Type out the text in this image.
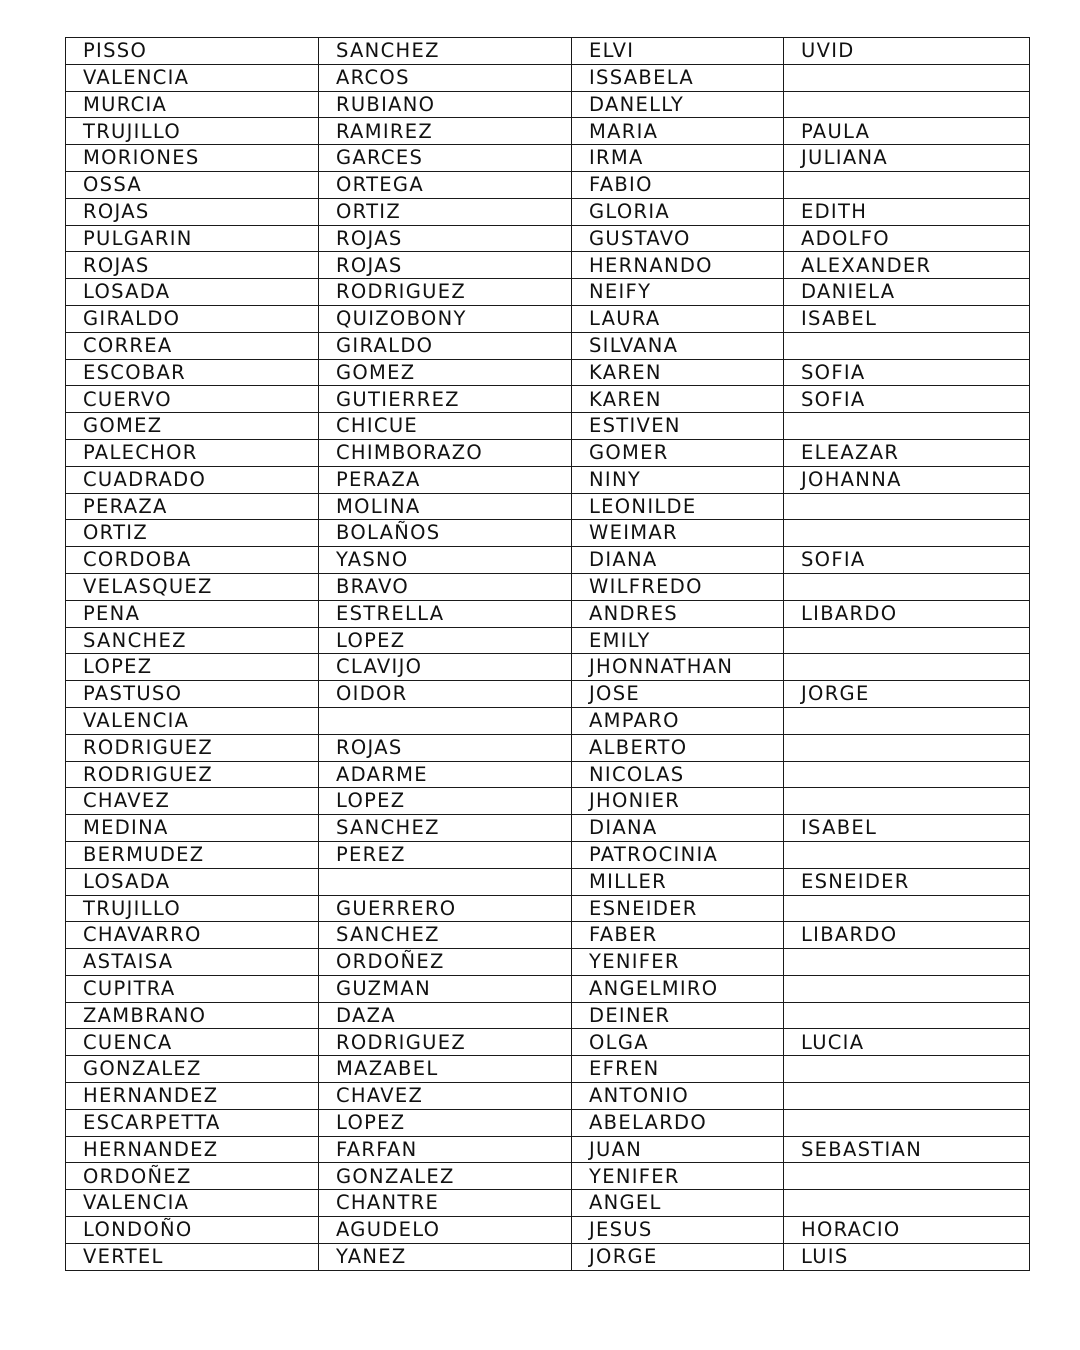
PISSO	SANCHEZ	ELVI	UVID
VALENCIA	ARCOS	ISSABELA	
MURCIA	RUBIANO	DANELLY	
TRUJILLO	RAMIREZ	MARIA	PAULA
MORIONES	GARCES	IRMA	JULIANA
OSSA	ORTEGA	FABIO	
ROJAS	ORTIZ	GLORIA	EDITH
PULGARIN	ROJAS	GUSTAVO	ADOLFO
ROJAS	ROJAS	HERNANDO	ALEXANDER
LOSADA	RODRIGUEZ	NEIFY	DANIELA
GIRALDO	QUIZOBONY	LAURA	ISABEL
CORREA	GIRALDO	SILVANA	
ESCOBAR	GOMEZ	KAREN	SOFIA
CUERVO	GUTIERREZ	KAREN	SOFIA
GOMEZ	CHICUE	ESTIVEN	
PALECHOR	CHIMBORAZO	GOMER	ELEAZAR
CUADRADO	PERAZA	NINY	JOHANNA
PERAZA	MOLINA	LEONILDE	
ORTIZ	BOLAÑOS	WEIMAR	
CORDOBA	YASNO	DIANA	SOFIA
VELASQUEZ	BRAVO	WILFREDO	
PENA	ESTRELLA	ANDRES	LIBARDO
SANCHEZ	LOPEZ	EMILY	
LOPEZ	CLAVIJO	JHONNATHAN	
PASTUSO	OIDOR	JOSE	JORGE
VALENCIA		AMPARO	
RODRIGUEZ	ROJAS	ALBERTO	
RODRIGUEZ	ADARME	NICOLAS	
CHAVEZ	LOPEZ	JHONIER	
MEDINA	SANCHEZ	DIANA	ISABEL
BERMUDEZ	PEREZ	PATROCINIA	
LOSADA		MILLER	ESNEIDER
TRUJILLO	GUERRERO	ESNEIDER	
CHAVARRO	SANCHEZ	FABER	LIBARDO
ASTAISA	ORDOÑEZ	YENIFER	
CUPITRA	GUZMAN	ANGELMIRO	
ZAMBRANO	DAZA	DEINER	
CUENCA	RODRIGUEZ	OLGA	LUCIA
GONZALEZ	MAZABEL	EFREN	
HERNANDEZ	CHAVEZ	ANTONIO	
ESCARPETTA	LOPEZ	ABELARDO	
HERNANDEZ	FARFAN	JUAN	SEBASTIAN
ORDOÑEZ	GONZALEZ	YENIFER	
VALENCIA	CHANTRE	ANGEL	
LONDOÑO	AGUDELO	JESUS	HORACIO
VERTEL	YANEZ	JORGE	LUIS
